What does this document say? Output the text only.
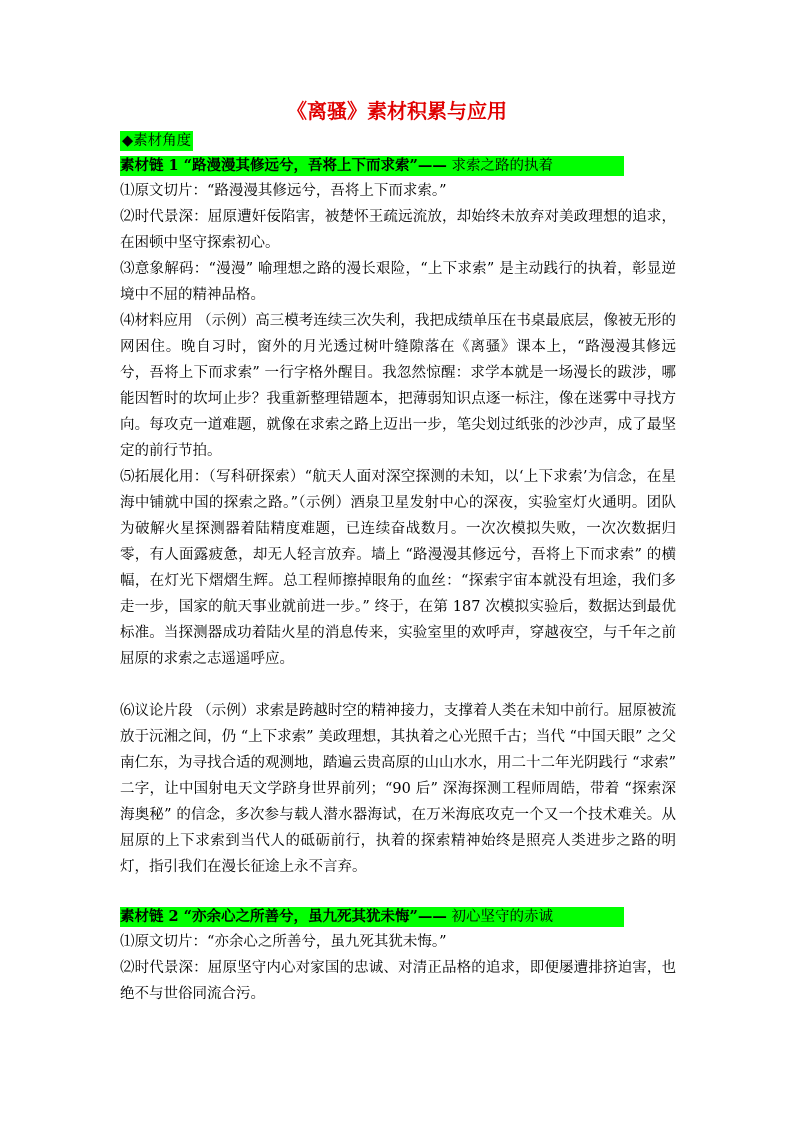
《离骚》素材积累与应用
◆素材角度
素材链 1 “路漫漫其修远兮，吾将上下而求索”—— 求索之路的执着
⑴原文切片：“路漫漫其修远兮，吾将上下而求索。”
⑵时代景深：屈原遭奸佞陷害，被楚怀王疏远流放，却始终未放弃对美政理想的追求，在困顿中坚守探索初心。
⑶意象解码：“漫漫” 喻理想之路的漫长艰险，“上下求索” 是主动践行的执着，彰显逆境中不屈的精神品格。
⑷材料应用 （示例）高三模考连续三次失利，我把成绩单压在书桌最底层，像被无形的网困住。晚自习时，窗外的月光透过树叶缝隙落在《离骚》课本上，“路漫漫其修远兮，吾将上下而求索” 一行字格外醒目。我忽然惊醒：求学本就是一场漫长的跋涉，哪能因暂时的坎坷止步？我重新整理错题本，把薄弱知识点逐一标注，像在迷雾中寻找方向。每攻克一道难题，就像在求索之路上迈出一步，笔尖划过纸张的沙沙声，成了最坚定的前行节拍。
⑸拓展化用：（写科研探索）“航天人面对深空探测的未知，以‘上下求索’为信念，在星海中铺就中国的探索之路。”（示例）酒泉卫星发射中心的深夜，实验室灯火通明。团队为破解火星探测器着陆精度难题，已连续奋战数月。一次次模拟失败，一次次数据归零，有人面露疲惫，却无人轻言放弃。墙上 “路漫漫其修远兮，吾将上下而求索” 的横幅，在灯光下熠熠生辉。总工程师擦掉眼角的血丝：“探索宇宙本就没有坦途，我们多走一步，国家的航天事业就前进一步。” 终于，在第 187 次模拟实验后，数据达到最优标准。当探测器成功着陆火星的消息传来，实验室里的欢呼声，穿越夜空，与千年之前屈原的求索之志遥遥呼应。
⑹议论片段 （示例）求索是跨越时空的精神接力，支撑着人类在未知中前行。屈原被流放于沅湘之间，仍 “上下求索” 美政理想，其执着之心光照千古；当代 “中国天眼” 之父南仁东，为寻找合适的观测地，踏遍云贵高原的山山水水，用二十二年光阴践行 “求索” 二字，让中国射电天文学跻身世界前列；“90 后” 深海探测工程师周皓，带着 “探索深海奥秘” 的信念，多次参与载人潜水器海试，在万米海底攻克一个又一个技术难关。从屈原的上下求索到当代人的砥砺前行，执着的探索精神始终是照亮人类进步之路的明灯，指引我们在漫长征途上永不言弃。
素材链 2 “亦余心之所善兮，虽九死其犹未悔”—— 初心坚守的赤诚
⑴原文切片：“亦余心之所善兮，虽九死其犹未悔。”
⑵时代景深：屈原坚守内心对家国的忠诚、对清正品格的追求，即便屡遭排挤迫害，也绝不与世俗同流合污。
